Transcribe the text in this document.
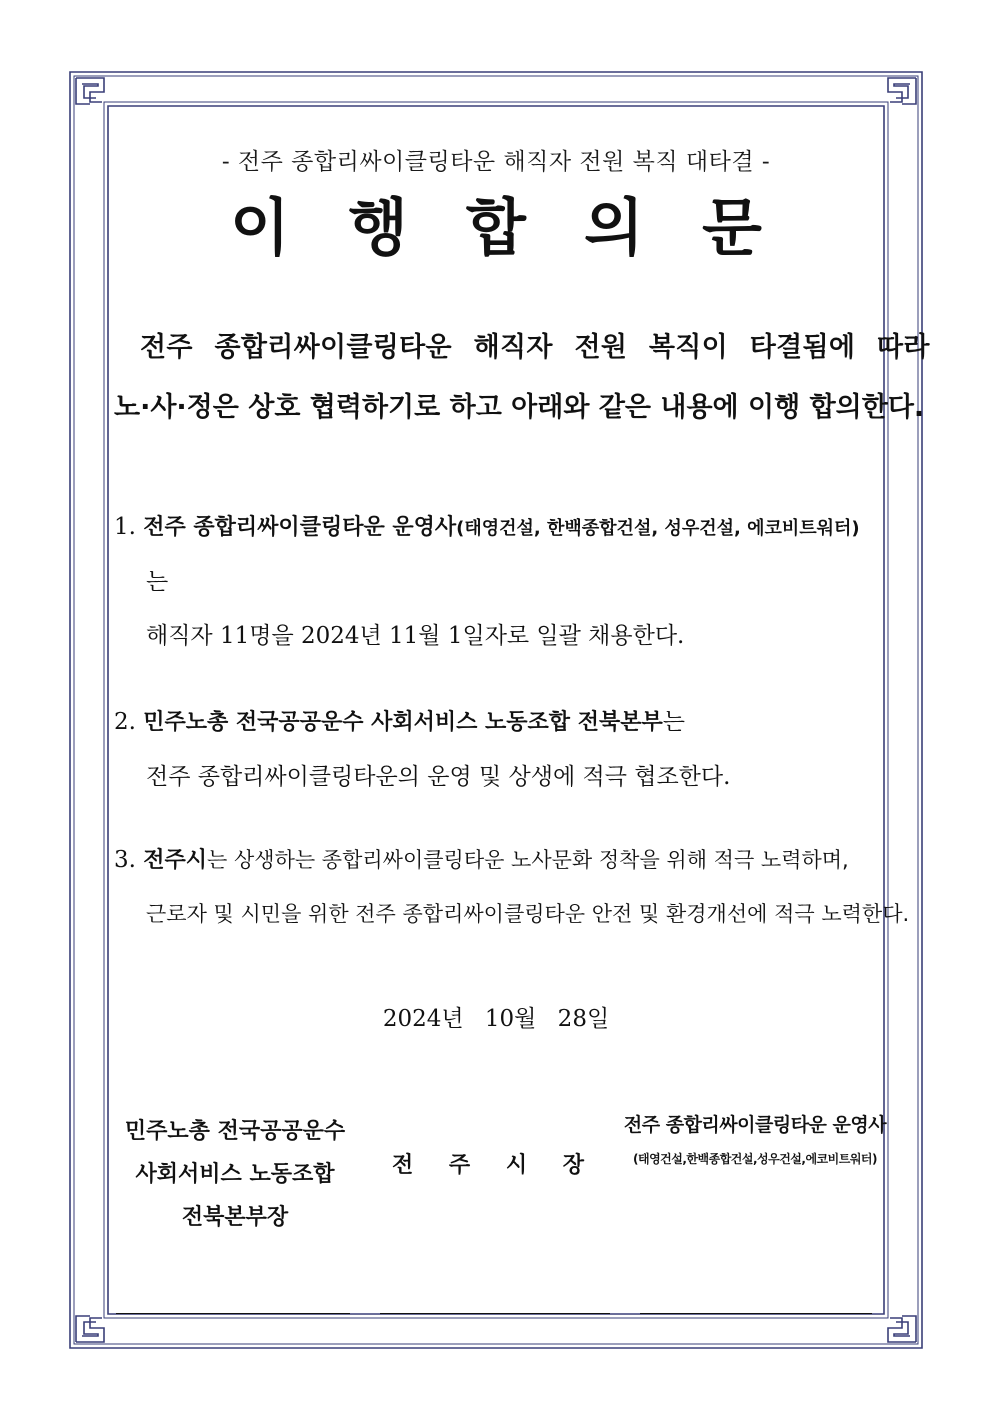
- 전주 종합리싸이클링타운 해직자 전원 복직 대타결 -
이 행 합 의 문
전주 종합리싸이클링타운 해직자 전원 복직이 타결됨에 따라
노·사·정은 상호 협력하기로 하고 아래와 같은 내용에 이행 합의한다.
1. 전주 종합리싸이클링타운 운영사(태영건설, 한백종합건설, 성우건설, 에코비트워터)
는
해직자 11명을 2024년 11월 1일자로 일괄 채용한다.
2. 민주노총 전국공공운수 사회서비스 노동조합 전북본부는
전주 종합리싸이클링타운의 운영 및 상생에 적극 협조한다.
3. 전주시는 상생하는 종합리싸이클링타운 노사문화 정착을 위해 적극 노력하며,
근로자 및 시민을 위한 전주 종합리싸이클링타운 안전 및 환경개선에 적극 노력한다.
2024년 10월 28일
민주노총 전국공공운수
사회서비스 노동조합
전북본부장
전 주 시 장
전주 종합리싸이클링타운 운영사
(태영건설,한백종합건설,성우건설,에코비트워터)
